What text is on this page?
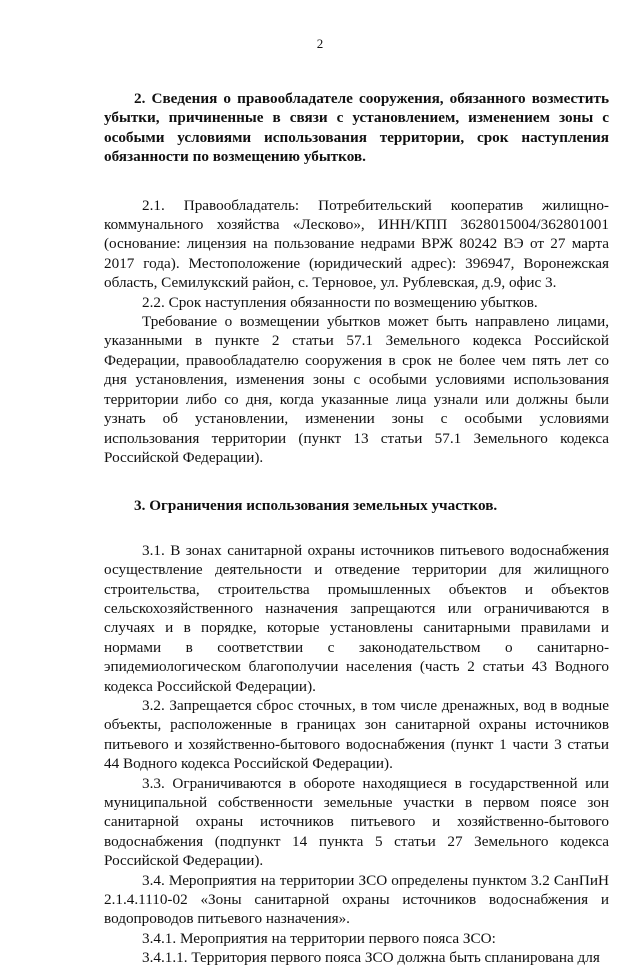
2

2. Сведения о правообладателе сооружения, обязанного возместить убытки, причиненные в связи с установлением, изменением зоны с особыми условиями использования территории, срок наступления обязанности по возмещению убытков.

2.1. Правообладатель: Потребительский кооператив жилищно-коммунального хозяйства «Лесково», ИНН/КПП 3628015004/362801001 (основание: лицензия на пользование недрами ВРЖ 80242 ВЭ от 27 марта 2017 года). Местоположение (юридический адрес): 396947, Воронежская область, Семилукский район, с. Терновое, ул. Рублевская, д.9, офис 3.

2.2. Срок наступления обязанности по возмещению убытков.

Требование о возмещении убытков может быть направлено лицами, указанными в пункте 2 статьи 57.1 Земельного кодекса Российской Федерации, правообладателю сооружения в срок не более чем пять лет со дня установления, изменения зоны с особыми условиями использования территории либо со дня, когда указанные лица узнали или должны были узнать об установлении, изменении зоны с особыми условиями использования территории (пункт 13 статьи 57.1 Земельного кодекса Российской Федерации).

3. Ограничения использования земельных участков.

3.1. В зонах санитарной охраны источников питьевого водоснабжения осуществление деятельности и отведение территории для жилищного строительства, строительства промышленных объектов и объектов сельскохозяйственного назначения запрещаются или ограничиваются в случаях и в порядке, которые установлены санитарными правилами и нормами в соответствии с законодательством о санитарно-эпидемиологическом благополучии населения (часть 2 статьи 43 Водного кодекса Российской Федерации).

3.2. Запрещается сброс сточных, в том числе дренажных, вод в водные объекты, расположенные в границах зон санитарной охраны источников питьевого и хозяйственно-бытового водоснабжения (пункт 1 части 3 статьи 44 Водного кодекса Российской Федерации).

3.3. Ограничиваются в обороте находящиеся в государственной или муниципальной собственности земельные участки в первом поясе зон санитарной охраны источников питьевого и хозяйственно-бытового водоснабжения (подпункт 14 пункта 5 статьи 27 Земельного кодекса Российской Федерации).

3.4. Мероприятия на территории ЗСО определены пунктом 3.2 СанПиН 2.1.4.1110-02 «Зоны санитарной охраны источников водоснабжения и водопроводов питьевого назначения».

3.4.1. Мероприятия на территории первого пояса ЗСО:

3.4.1.1. Территория первого пояса ЗСО должна быть спланирована для
